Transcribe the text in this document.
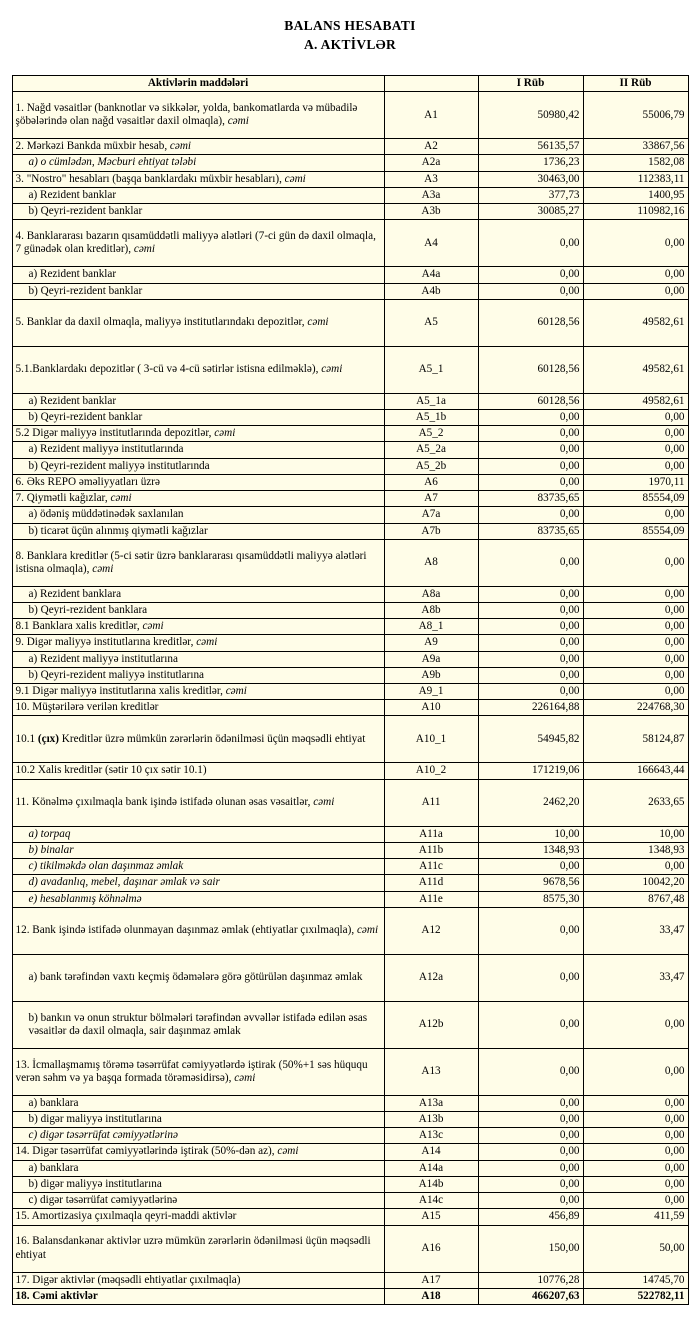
BALANS HESABATI
A. AKTİVLƏR
Aktivlərin maddələri		I Rüb	II Rüb
1. Nağd vəsaitlər (banknotlar və sikkələr, yolda, bankomatlarda və mübadilə şöbələrində olan nağd vəsaitlər daxil olmaqla), cəmi	A1	50980,42	55006,79
2. Mərkəzi Bankda müxbir hesab, cəmi	A2	56135,57	33867,56
a) o cümlədən, Məcburi ehtiyat tələbi	A2a	1736,23	1582,08
3. "Nostro" hesabları (başqa banklardakı müxbir hesabları), cəmi	A3	30463,00	112383,11
a) Rezident banklar	A3a	377,73	1400,95
b) Qeyri-rezident banklar	A3b	30085,27	110982,16
4. Banklararası bazarın qısamüddətli maliyyə alətləri (7-ci gün də daxil olmaqla, 7 günədək olan kreditlər), cəmi	A4	0,00	0,00
a) Rezident banklar	A4a	0,00	0,00
b) Qeyri-rezident banklar	A4b	0,00	0,00
5. Banklar da daxil olmaqla, maliyyə institutlarındakı depozitlər, cəmi	A5	60128,56	49582,61
5.1.Banklardakı depozitlər ( 3-cü və 4-cü sətirlər istisna edilməklə), cəmi	A5_1	60128,56	49582,61
a) Rezident banklar	A5_1a	60128,56	49582,61
b) Qeyri-rezident banklar	A5_1b	0,00	0,00
5.2 Digər maliyyə institutlarında depozitlər, cəmi	A5_2	0,00	0,00
a) Rezident maliyyə institutlarında	A5_2a	0,00	0,00
b) Qeyri-rezident maliyyə institutlarında	A5_2b	0,00	0,00
6. Əks REPO əməliyyatları üzrə	A6	0,00	1970,11
7. Qiymətli kağızlar, cəmi	A7	83735,65	85554,09
a) ödəniş müddətinədək saxlanılan	A7a	0,00	0,00
b) ticarət üçün alınmış qiymətli kağızlar	A7b	83735,65	85554,09
8. Banklara kreditlər (5-ci sətir üzrə banklararası qısamüddətli maliyyə alətləri istisna olmaqla), cəmi	A8	0,00	0,00
a) Rezident banklara	A8a	0,00	0,00
b) Qeyri-rezident banklara	A8b	0,00	0,00
8.1 Banklara xalis kreditlər, cəmi	A8_1	0,00	0,00
9. Digər maliyyə institutlarına kreditlər, cəmi	A9	0,00	0,00
a) Rezident maliyyə institutlarına	A9a	0,00	0,00
b) Qeyri-rezident maliyyə institutlarına	A9b	0,00	0,00
9.1 Digər maliyyə institutlarına xalis kreditlər, cəmi	A9_1	0,00	0,00
10. Müştərilərə verilən kreditlər	A10	226164,88	224768,30
10.1 (çıx) Kreditlər üzrə mümkün zərərlərin ödənilməsi üçün məqsədli ehtiyat	A10_1	54945,82	58124,87
10.2 Xalis kreditlər (sətir 10 çıx sətir 10.1)	A10_2	171219,06	166643,44
11. Könəlmə çıxılmaqla bank işində istifadə olunan əsas vəsaitlər, cəmi	A11	2462,20	2633,65
a) torpaq	A11a	10,00	10,00
b) binalar	A11b	1348,93	1348,93
c) tikilməkdə olan daşınmaz əmlak	A11c	0,00	0,00
d) avadanlıq, mebel, daşınar əmlak və sair	A11d	9678,56	10042,20
e) hesablanmış köhnəlmə	A11e	8575,30	8767,48
12. Bank işində istifadə olunmayan daşınmaz əmlak (ehtiyatlar çıxılmaqla), cəmi	A12	0,00	33,47
a) bank tərəfindən vaxtı keçmiş ödəmələrə görə götürülən daşınmaz əmlak	A12a	0,00	33,47
b) bankın və onun struktur bölmələri tərəfindən əvvəllər istifadə edilən əsas vəsaitlər də daxil olmaqla, sair daşınmaz əmlak	A12b	0,00	0,00
13. İcmallaşmamış törəmə təsərrüfat cəmiyyətlərdə iştirak (50%+1 səs hüququ verən səhm və ya başqa formada törəməsidirsə), cəmi	A13	0,00	0,00
a) banklara	A13a	0,00	0,00
b) digər maliyyə institutlarına	A13b	0,00	0,00
c) digər təsərrüfat cəmiyyətlərinə	A13c	0,00	0,00
14. Digər təsərrüfat cəmiyyətlərində iştirak (50%-dən az), cəmi	A14	0,00	0,00
a) banklara	A14a	0,00	0,00
b) digər maliyyə institutlarına	A14b	0,00	0,00
c) digər təsərrüfat cəmiyyətlərinə	A14c	0,00	0,00
15. Amortizasiya çıxılmaqla qeyri-maddi aktivlər	A15	456,89	411,59
16. Balansdankənar aktivlər uzrə mümkün zərərlərin ödənilməsi üçün məqsədli ehtiyat	A16	150,00	50,00
17. Digər aktivlər (məqsədli ehtiyatlar çıxılmaqla)	A17	10776,28	14745,70
18. Cəmi aktivlər	A18	466207,63	522782,11
